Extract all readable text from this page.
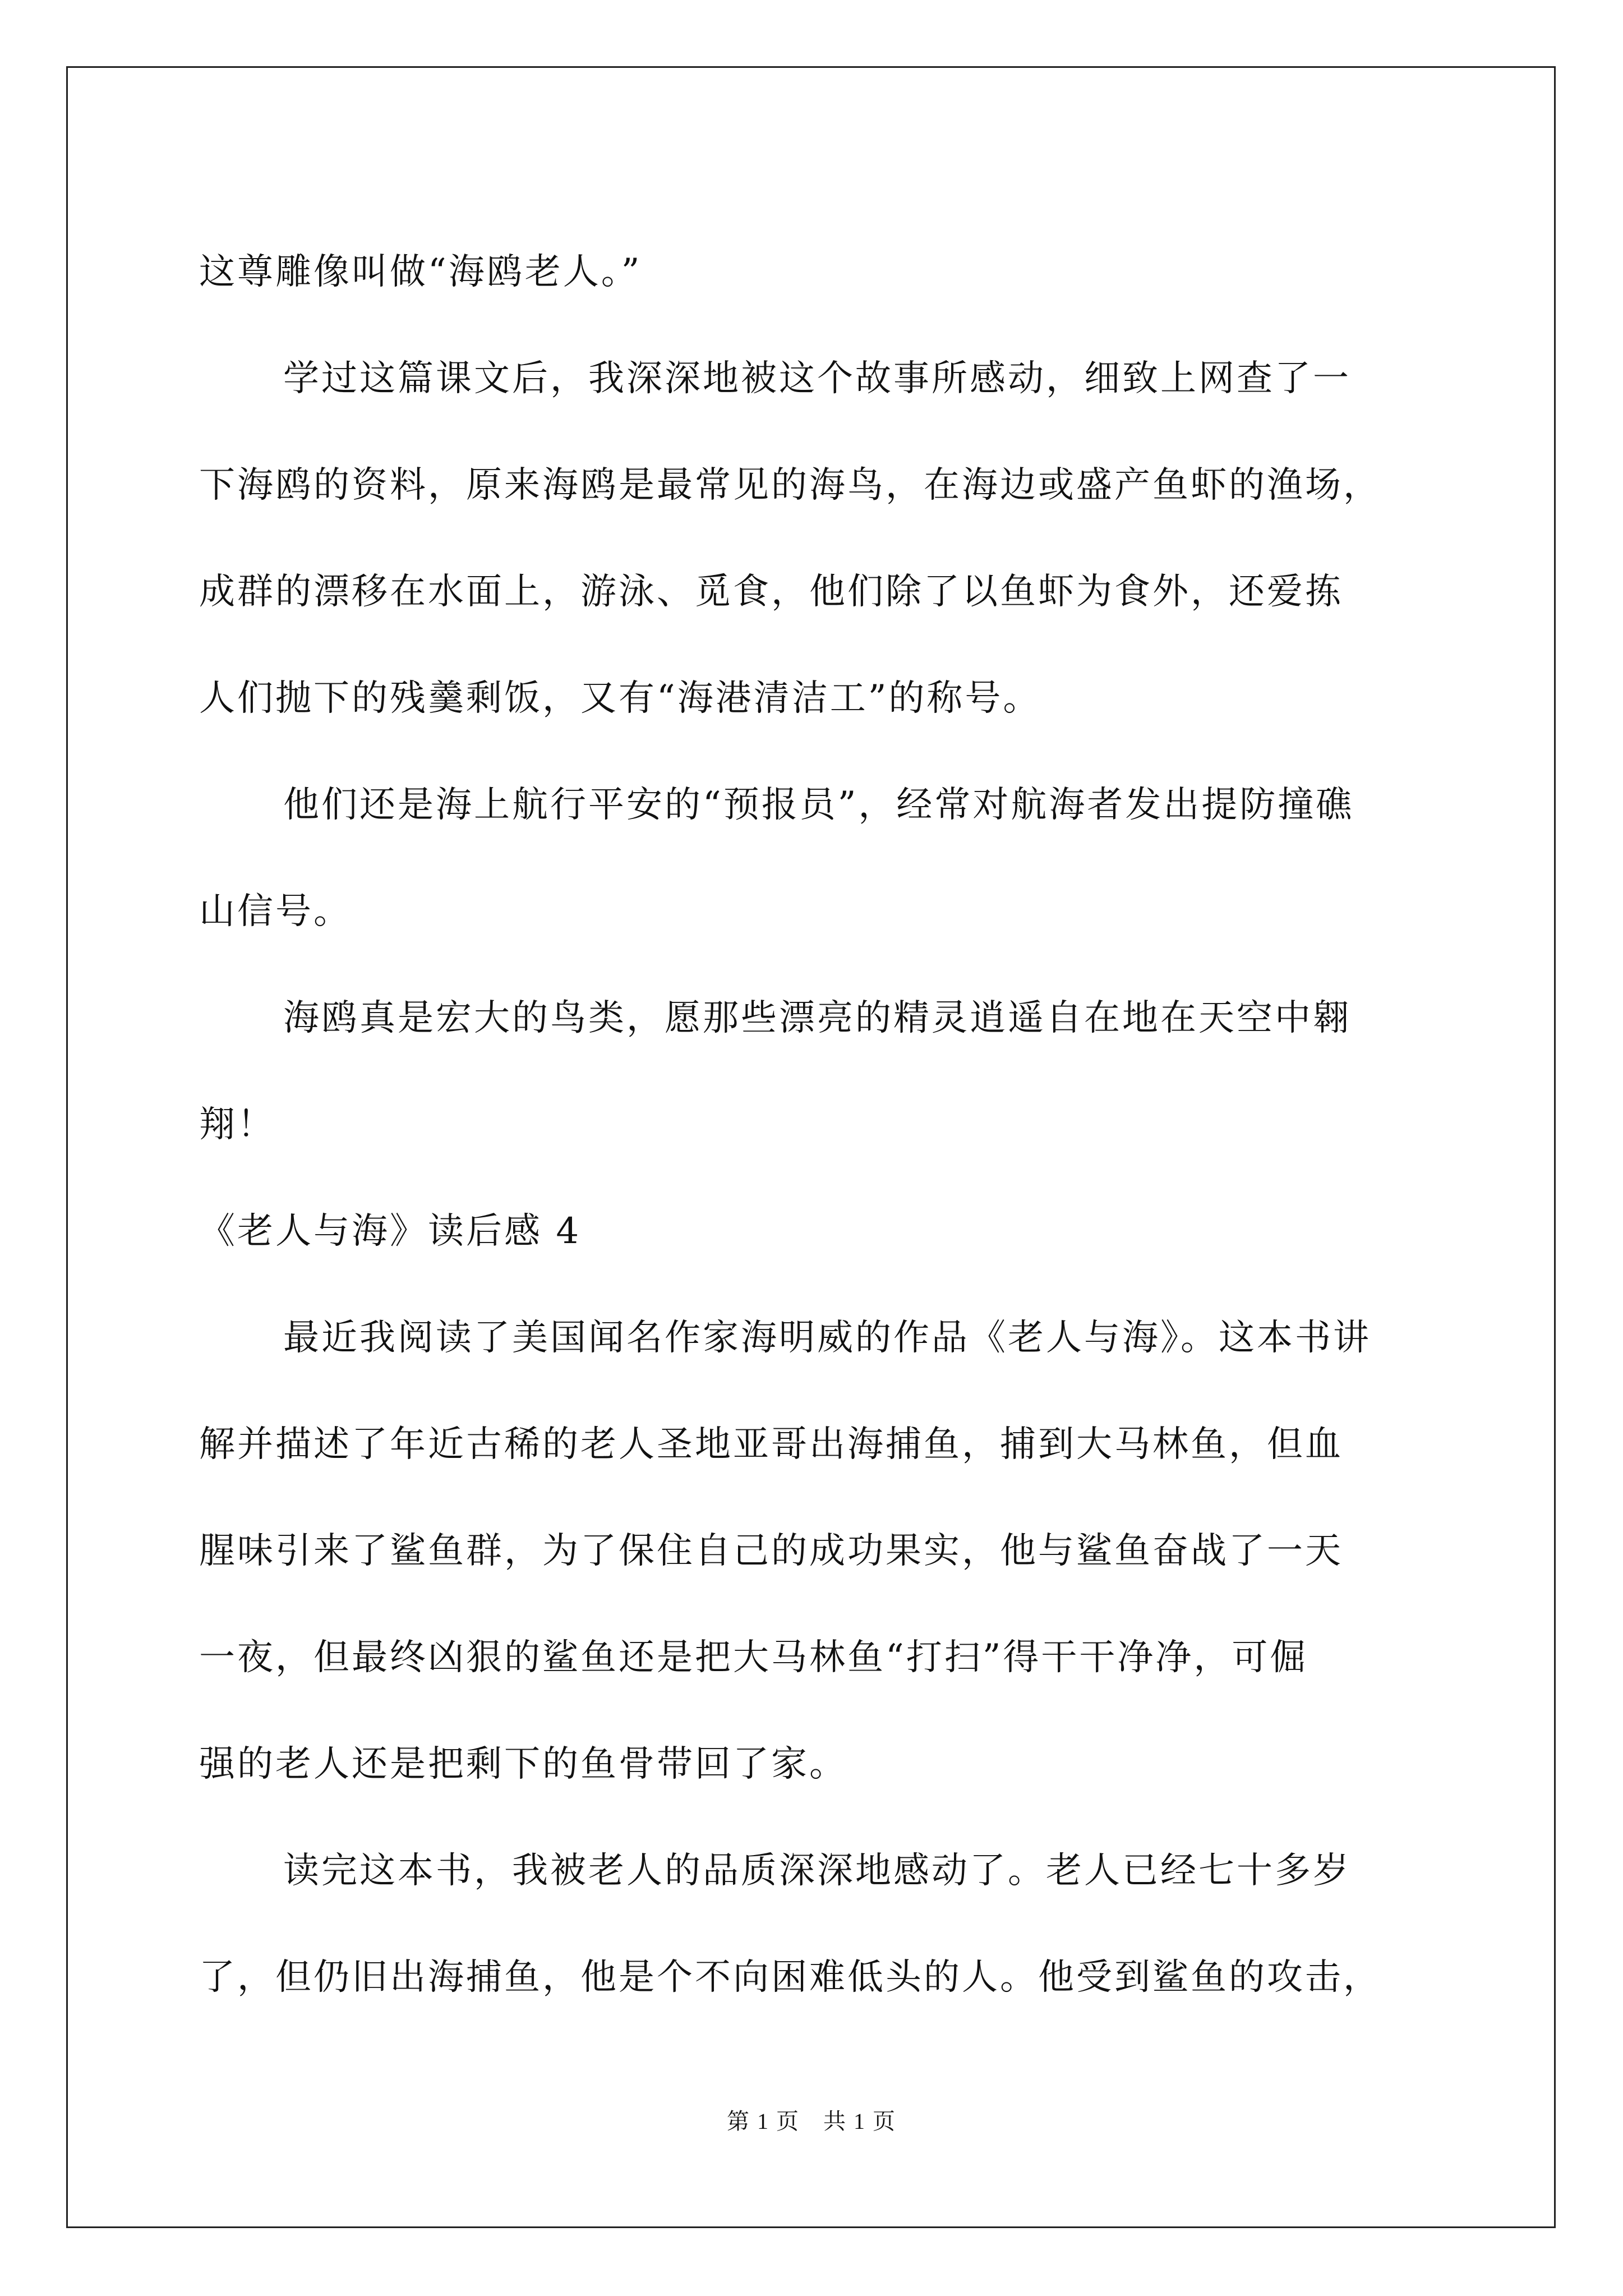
这尊雕像叫做“海鸥老人。”
学过这篇课文后，我深深地被这个故事所感动，细致上网查了一
下海鸥的资料，原来海鸥是最常见的海鸟，在海边或盛产鱼虾的渔场，
成群的漂移在水面上，游泳、觅食，他们除了以鱼虾为食外，还爱拣
人们抛下的残羹剩饭，又有“海港清洁工”的称号。
他们还是海上航行平安的“预报员”，经常对航海者发出提防撞礁
山信号。
海鸥真是宏大的鸟类，愿那些漂亮的精灵逍遥自在地在天空中翱
翔！
《老人与海》读后感 4
最近我阅读了美国闻名作家海明威的作品《老人与海》。这本书讲
解并描述了年近古稀的老人圣地亚哥出海捕鱼，捕到大马林鱼，但血
腥味引来了鲨鱼群，为了保住自己的成功果实，他与鲨鱼奋战了一天
一夜，但最终凶狠的鲨鱼还是把大马林鱼“打扫”得干干净净，可倔
强的老人还是把剩下的鱼骨带回了家。
读完这本书，我被老人的品质深深地感动了。老人已经七十多岁
了，但仍旧出海捕鱼，他是个不向困难低头的人。他受到鲨鱼的攻击，
第 1 页　共 1 页
